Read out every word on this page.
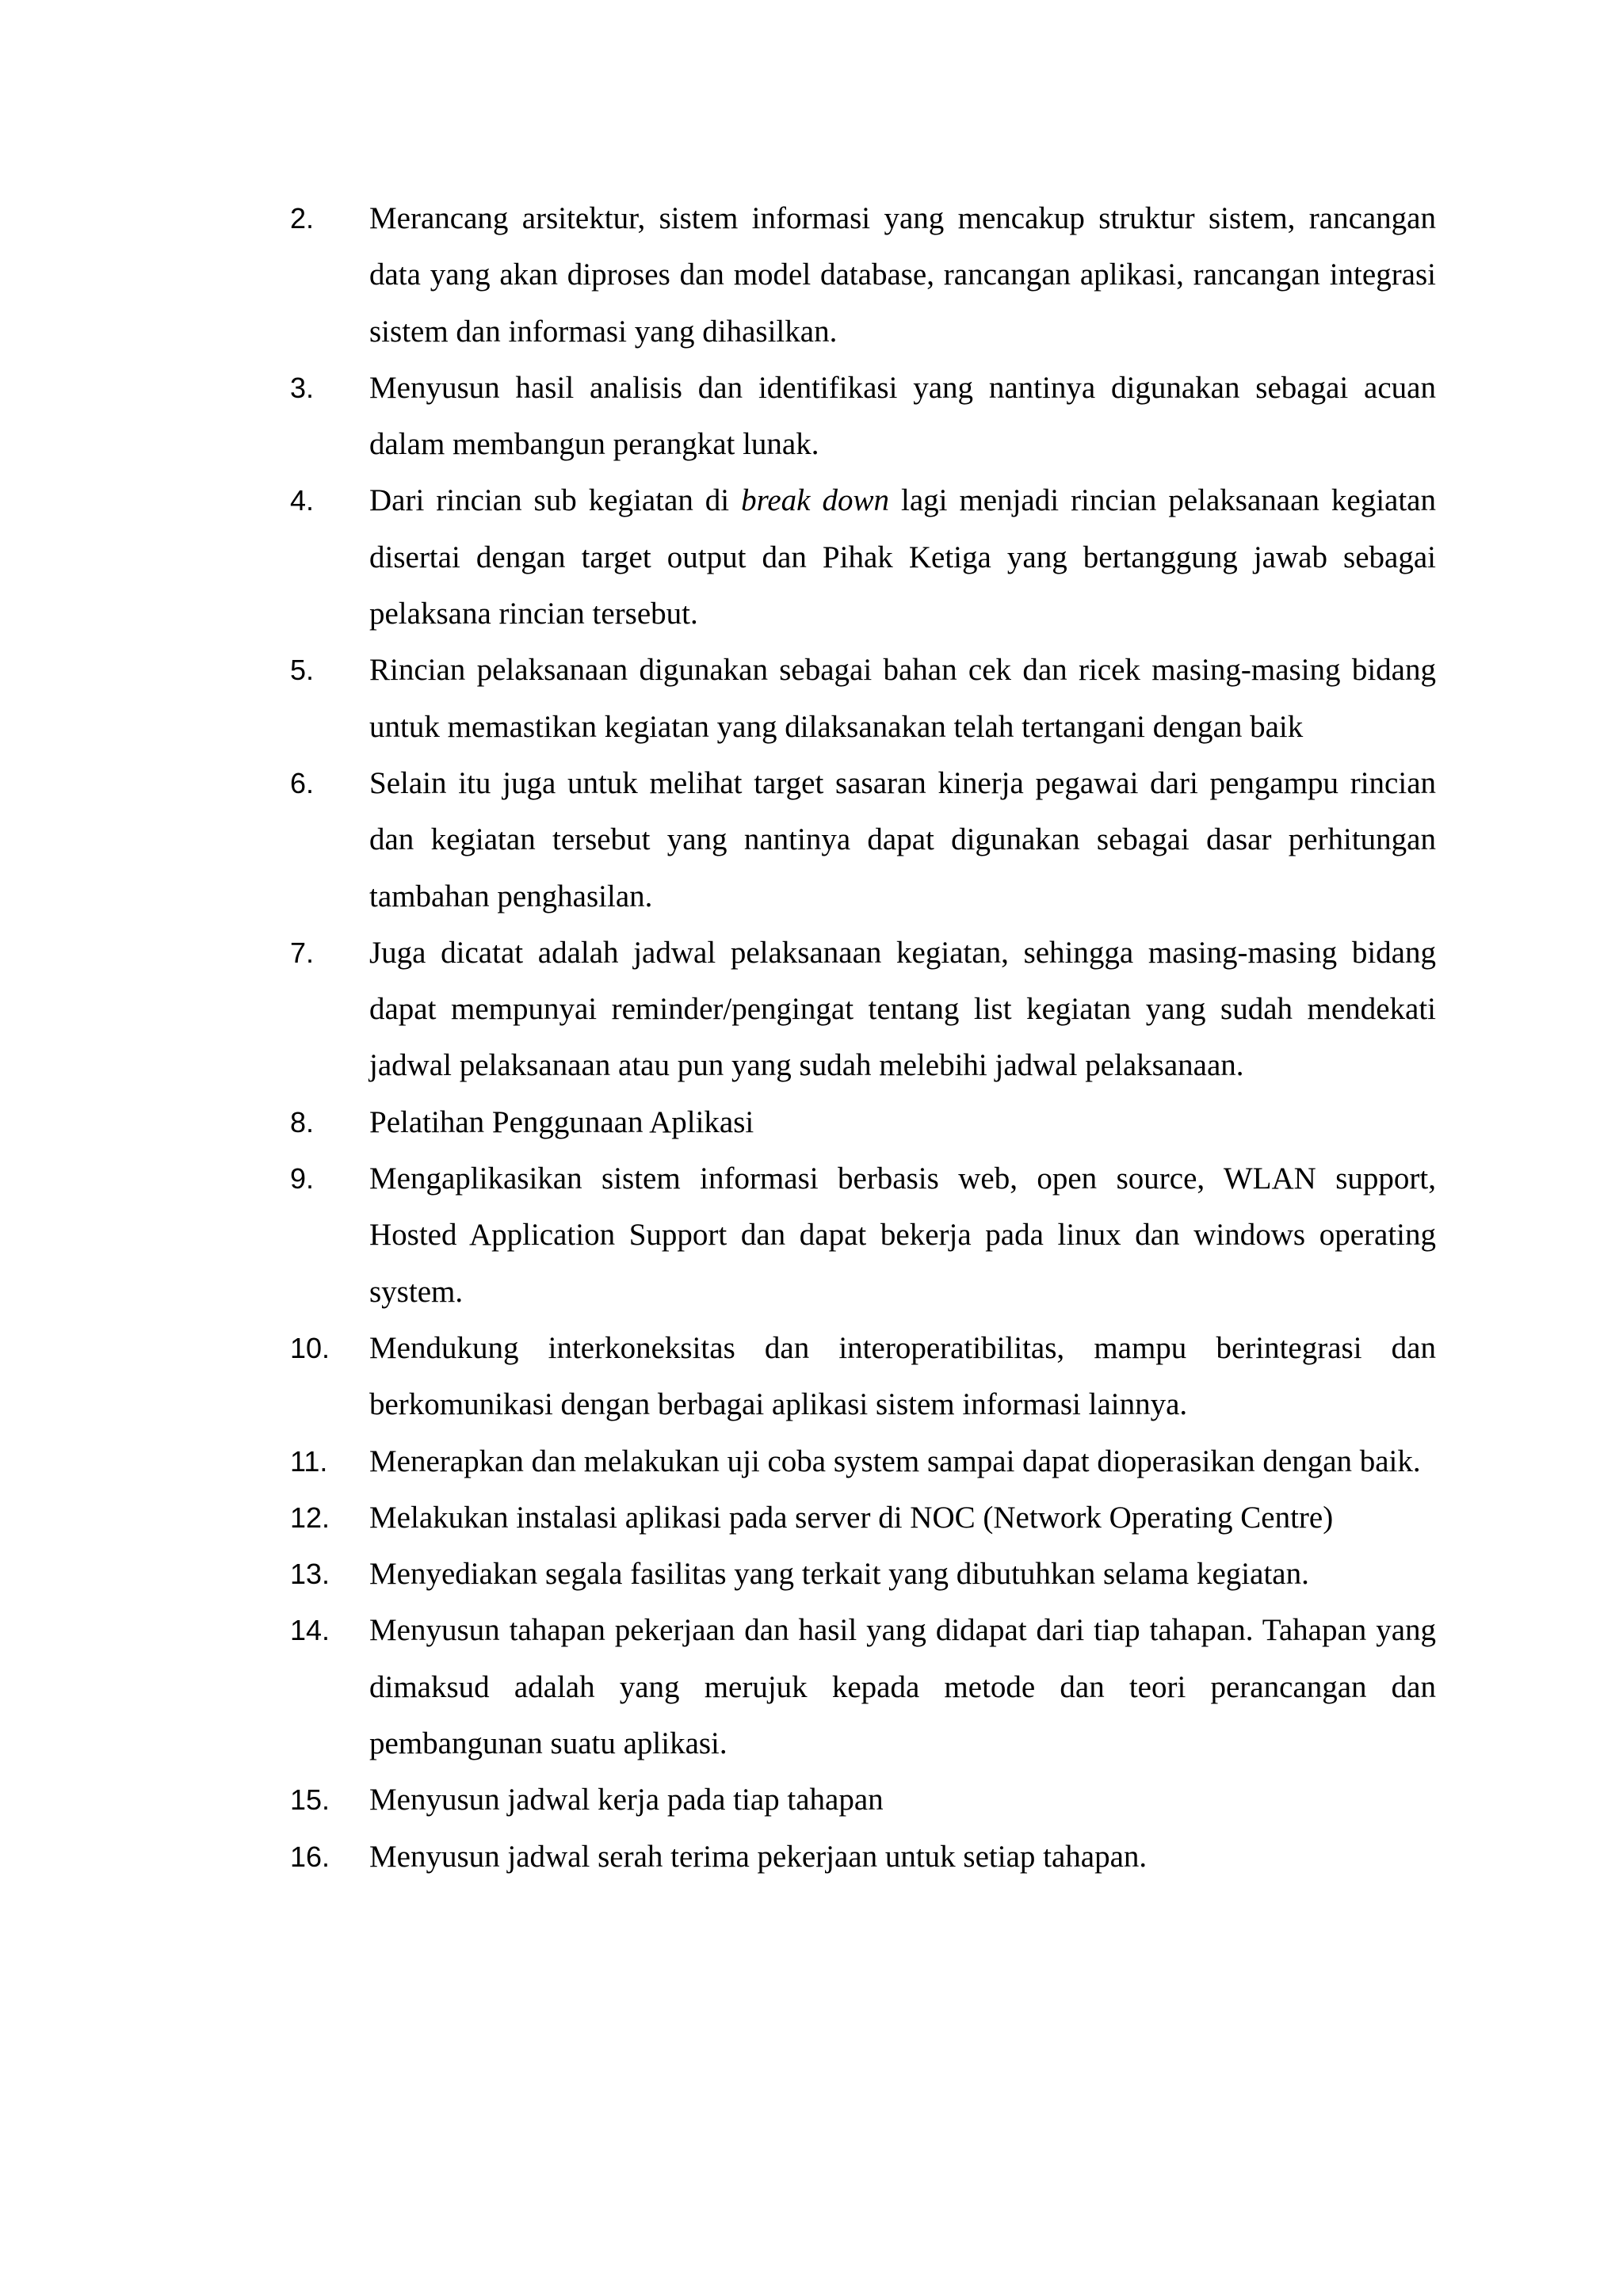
2.	Merancang arsitektur, sistem informasi yang mencakup struktur sistem, rancangan data yang akan diproses dan model database, rancangan aplikasi, rancangan integrasi sistem dan informasi yang dihasilkan.
3.	Menyusun hasil analisis dan identifikasi yang nantinya digunakan sebagai acuan dalam membangun perangkat lunak.
4.	Dari rincian sub kegiatan di break down lagi menjadi rincian pelaksanaan kegiatan disertai dengan target output dan Pihak Ketiga yang bertanggung jawab sebagai pelaksana rincian tersebut.
5.	Rincian pelaksanaan digunakan sebagai bahan cek dan ricek masing-masing bidang untuk memastikan kegiatan yang dilaksanakan telah tertangani dengan baik
6.	Selain itu juga untuk melihat target sasaran kinerja pegawai dari pengampu rincian dan kegiatan tersebut yang nantinya dapat digunakan sebagai dasar perhitungan tambahan penghasilan.
7.	Juga dicatat adalah jadwal pelaksanaan kegiatan, sehingga masing-masing bidang dapat mempunyai reminder/pengingat tentang list kegiatan yang sudah mendekati jadwal pelaksanaan atau pun yang sudah melebihi jadwal pelaksanaan.
8.	Pelatihan Penggunaan Aplikasi
9.	Mengaplikasikan sistem informasi berbasis web, open source, WLAN support, Hosted Application Support dan dapat bekerja pada linux dan windows operating system.
10.	Mendukung interkoneksitas dan interoperatibilitas, mampu berintegrasi dan berkomunikasi dengan berbagai aplikasi sistem informasi lainnya.
11.	Menerapkan dan melakukan uji coba system sampai dapat dioperasikan dengan baik.
12.	Melakukan instalasi aplikasi pada server di NOC (Network Operating Centre)
13.	Menyediakan segala fasilitas yang terkait yang dibutuhkan selama kegiatan.
14.	Menyusun tahapan pekerjaan dan hasil yang didapat dari tiap tahapan. Tahapan yang dimaksud adalah yang merujuk kepada metode dan teori perancangan dan pembangunan suatu aplikasi.
15.	Menyusun jadwal kerja pada tiap tahapan
16.	Menyusun jadwal serah terima pekerjaan untuk setiap tahapan.
